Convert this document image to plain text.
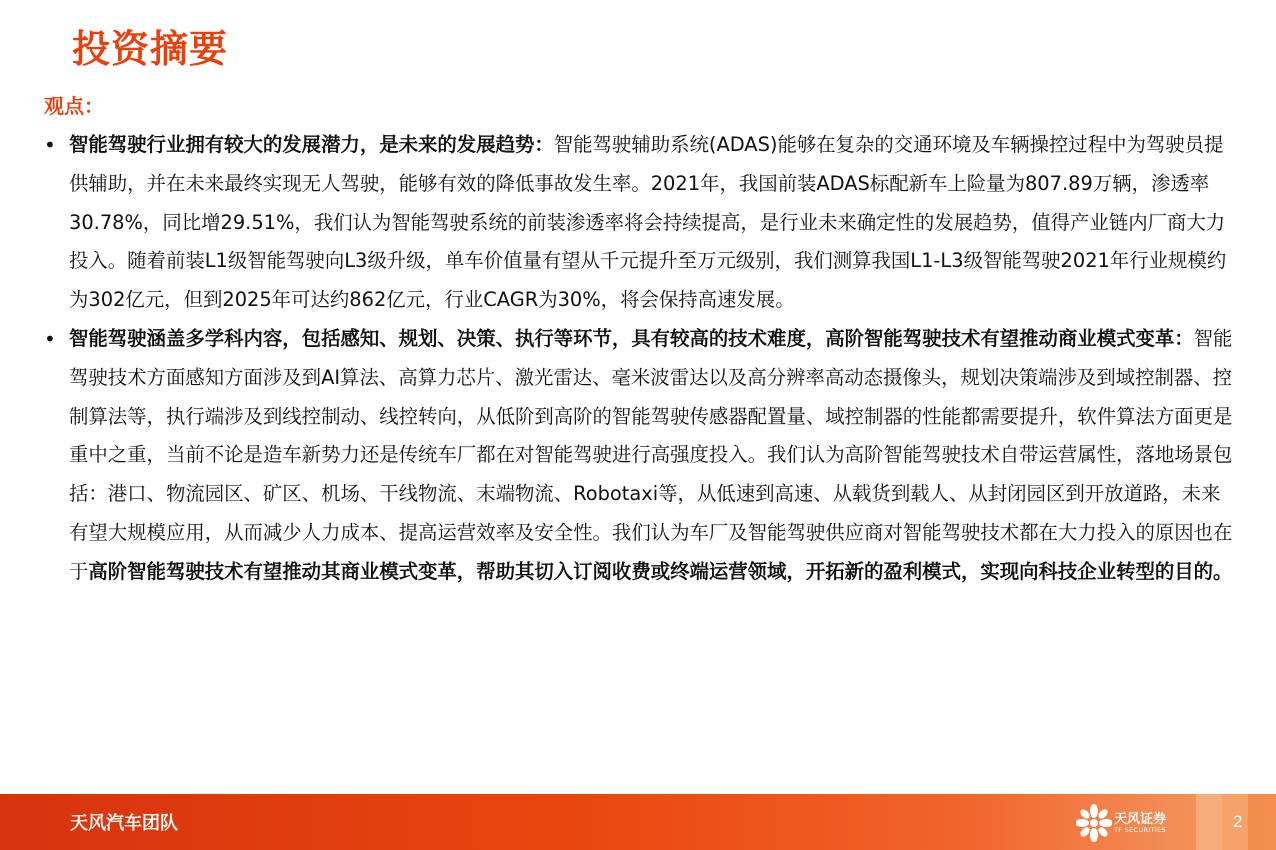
投资摘要
观点：
• 智能驾驶行业拥有较大的发展潜力，是未来的发展趋势：智能驾驶辅助系统(ADAS)能够在复杂的交通环境及车辆操控过程中为驾驶员提供辅助，并在未来最终实现无人驾驶，能够有效的降低事故发生率。2021年，我国前装ADAS标配新车上险量为807.89万辆，渗透率30.78%，同比增29.51%，我们认为智能驾驶系统的前装渗透率将会持续提高，是行业未来确定性的发展趋势，值得产业链内厂商大力投入。随着前装L1级智能驾驶向L3级升级，单车价值量有望从千元提升至万元级别，我们测算我国L1-L3级智能驾驶2021年行业规模约为302亿元，但到2025年可达约862亿元，行业CAGR为30%，将会保持高速发展。
• 智能驾驶涵盖多学科内容，包括感知、规划、决策、执行等环节，具有较高的技术难度，高阶智能驾驶技术有望推动商业模式变革：智能驾驶技术方面感知方面涉及到AI算法、高算力芯片、激光雷达、毫米波雷达以及高分辨率高动态摄像头，规划决策端涉及到域控制器、控制算法等，执行端涉及到线控制动、线控转向，从低阶到高阶的智能驾驶传感器配置量、域控制器的性能都需要提升，软件算法方面更是重中之重，当前不论是造车新势力还是传统车厂都在对智能驾驶进行高强度投入。我们认为高阶智能驾驶技术自带运营属性，落地场景包括：港口、物流园区、矿区、机场、干线物流、末端物流、Robotaxi等，从低速到高速、从载货到载人、从封闭园区到开放道路，未来有望大规模应用，从而减少人力成本、提高运营效率及安全性。我们认为车厂及智能驾驶供应商对智能驾驶技术都在大力投入的原因也在于高阶智能驾驶技术有望推动其商业模式变革，帮助其切入订阅收费或终端运营领域，开拓新的盈利模式，实现向科技企业转型的目的。
天风汽车团队	天风证券
TF SECURITIES	2
